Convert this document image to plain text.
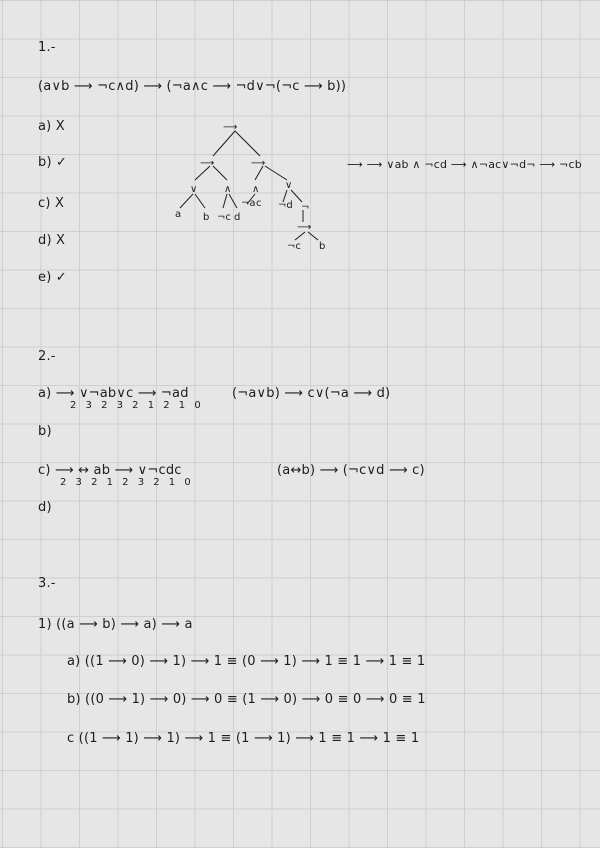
1.-
(a∨b ⟶ ¬c∧d) ⟶ (¬a∧c ⟶ ¬d∨¬(¬c ⟶ b))
a) X
b) ✓
c) X
d) X
e) ✓
⟶ ⟶ ∨ab ∧ ¬cd ⟶ ∧¬ac∨¬d¬ ⟶ ¬cb
⟶
⟶	⟶
∨	∧ ∧	∨
¬
⟶
a b ¬c d
¬a c ¬d
¬c b
2.-
a) ⟶ ∨¬ab∨c ⟶ ¬ad
2 3 2 3 2 1 2 1 0
(¬a∨b) ⟶ c∨(¬a ⟶ d)
b)
c) ⟶ ↔ ab ⟶ ∨¬cdc
2 3 2 1 2 3 2 1 0
(a↔b) ⟶ (¬c∨d ⟶ c)
d)
3.-
1) ((a ⟶ b) ⟶ a) ⟶ a
a) ((1 ⟶ 0) ⟶ 1) ⟶ 1 ≡ (0 ⟶ 1) ⟶ 1 ≡ 1 ⟶ 1 ≡ 1
b) ((0 ⟶ 1) ⟶ 0) ⟶ 0 ≡ (1 ⟶ 0) ⟶ 0 ≡ 0 ⟶ 0 ≡ 1
c ((1 ⟶ 1) ⟶ 1) ⟶ 1 ≡ (1 ⟶ 1) ⟶ 1 ≡ 1 ⟶ 1 ≡ 1
